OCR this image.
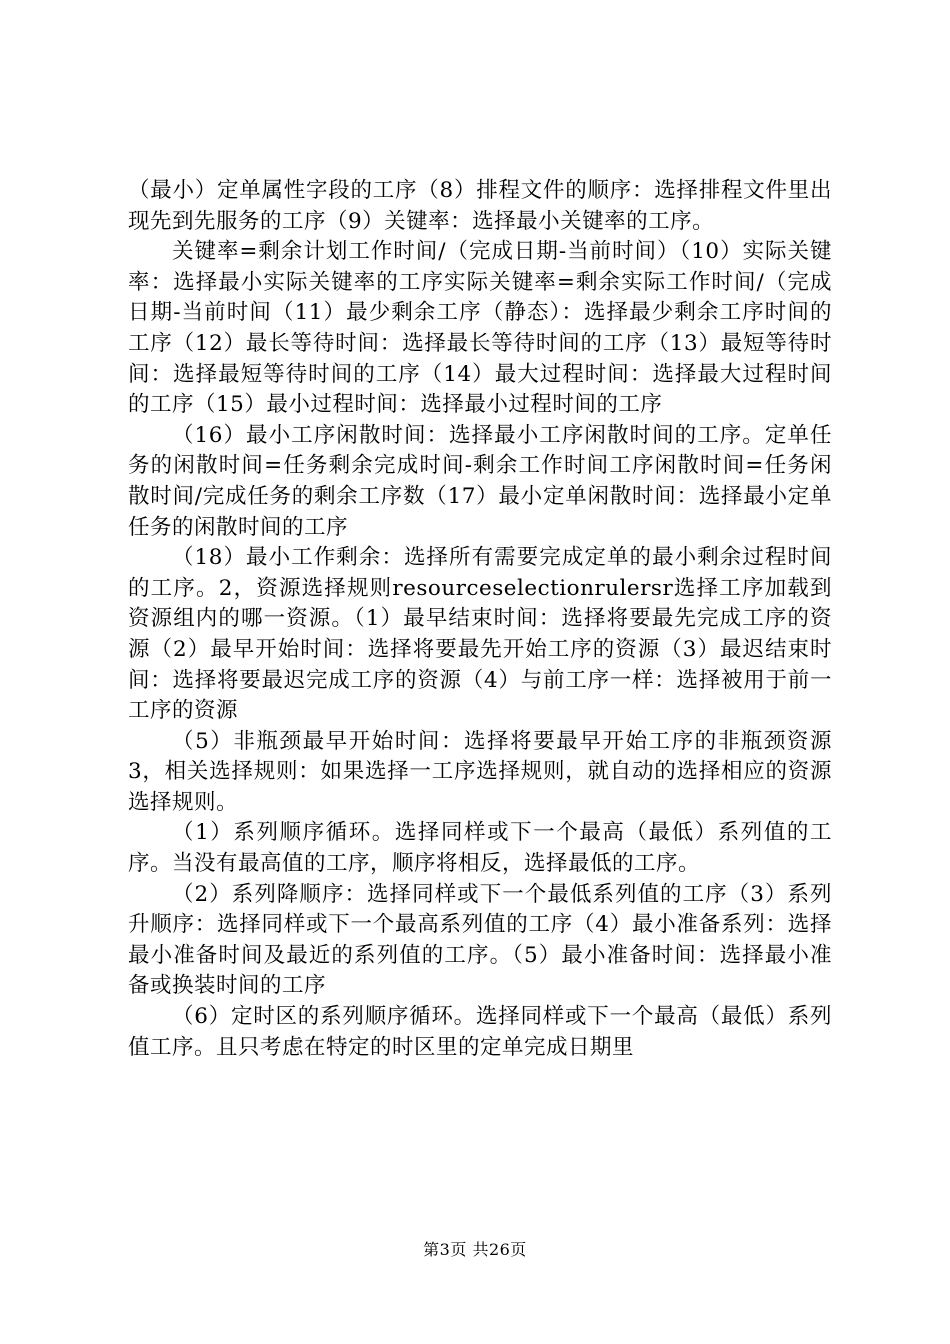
（最小）定单属性字段的工序（8）排程文件的顺序：选择排程文件里出现先到先服务的工序（9）关键率：选择最小关键率的工序。

关键率=剩余计划工作时间/（完成日期-当前时间）（10）实际关键率：选择最小实际关键率的工序实际关键率=剩余实际工作时间/（完成日期-当前时间（11）最少剩余工序（静态）：选择最少剩余工序时间的工序（12）最长等待时间：选择最长等待时间的工序（13）最短等待时间：选择最短等待时间的工序（14）最大过程时间：选择最大过程时间的工序（15）最小过程时间：选择最小过程时间的工序

（16）最小工序闲散时间：选择最小工序闲散时间的工序。定单任务的闲散时间=任务剩余完成时间-剩余工作时间工序闲散时间=任务闲散时间/完成任务的剩余工序数（17）最小定单闲散时间：选择最小定单任务的闲散时间的工序

（18）最小工作剩余：选择所有需要完成定单的最小剩余过程时间的工序。2，资源选择规则resourceselectionrulersr选择工序加载到资源组内的哪一资源。（1）最早结束时间：选择将要最先完成工序的资源（2）最早开始时间：选择将要最先开始工序的资源（3）最迟结束时间：选择将要最迟完成工序的资源（4）与前工序一样：选择被用于前一工序的资源

（5）非瓶颈最早开始时间：选择将要最早开始工序的非瓶颈资源3，相关选择规则：如果选择一工序选择规则，就自动的选择相应的资源选择规则。

（1）系列顺序循环。选择同样或下一个最高（最低）系列值的工序。当没有最高值的工序，顺序将相反，选择最低的工序。

（2）系列降顺序：选择同样或下一个最低系列值的工序（3）系列升顺序：选择同样或下一个最高系列值的工序（4）最小准备系列：选择最小准备时间及最近的系列值的工序。（5）最小准备时间：选择最小准备或换装时间的工序

（6）定时区的系列顺序循环。选择同样或下一个最高（最低）系列值工序。且只考虑在特定的时区里的定单完成日期里

第3页 共26页
